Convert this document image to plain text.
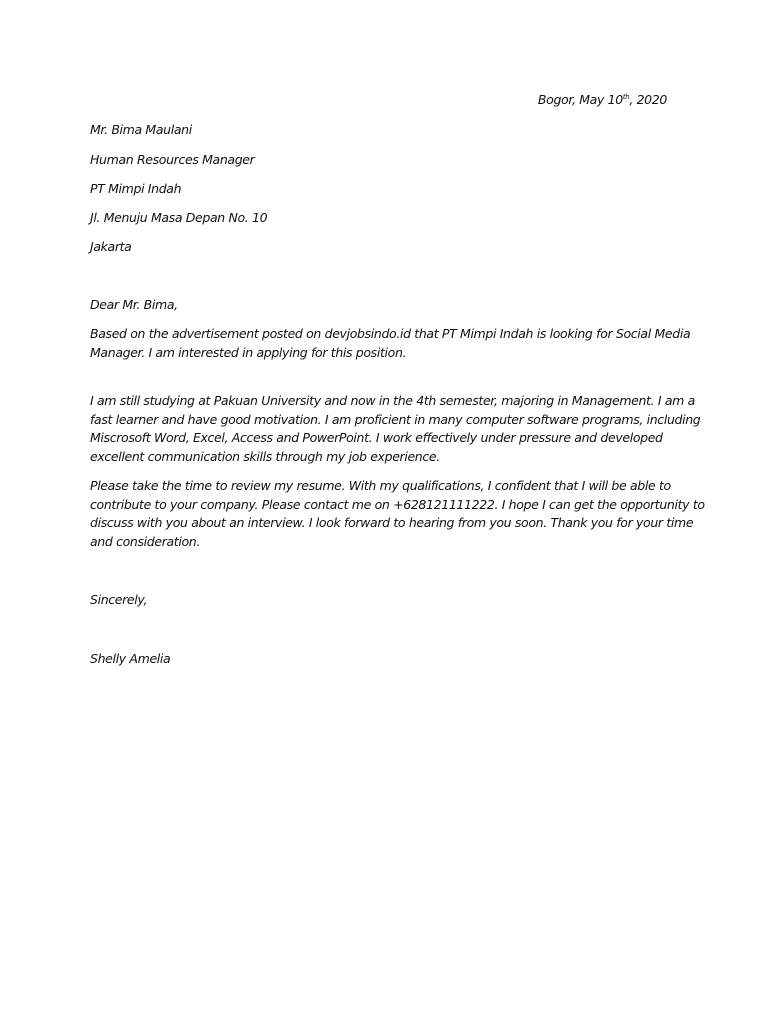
Bogor, May 10th, 2020
Mr. Bima Maulani
Human Resources Manager
PT Mimpi Indah
Jl. Menuju Masa Depan No. 10
Jakarta
Dear Mr. Bima,
Based on the advertisement posted on devjobsindo.id that PT Mimpi Indah is looking for Social Media
Manager. I am interested in applying for this position.
I am still studying at Pakuan University and now in the 4th semester, majoring in Management. I am a
fast learner and have good motivation. I am proficient in many computer software programs, including
Miscrosoft Word, Excel, Access and PowerPoint. I work effectively under pressure and developed
excellent communication skills through my job experience.
Please take the time to review my resume. With my qualifications, I confident that I will be able to
contribute to your company. Please contact me on +628121111222. I hope I can get the opportunity to
discuss with you about an interview. I look forward to hearing from you soon. Thank you for your time
and consideration.
Sincerely,
Shelly Amelia
